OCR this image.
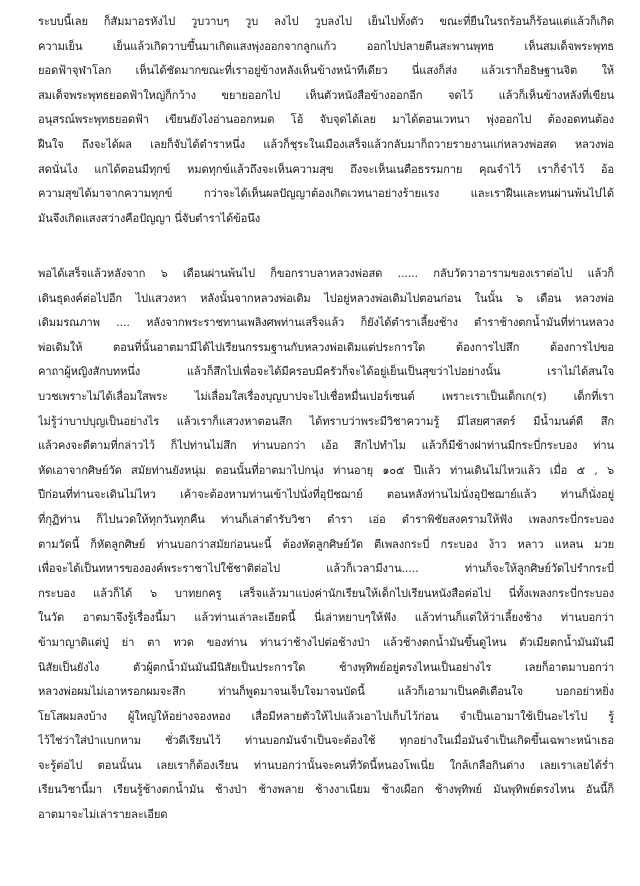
ระบบนี้เลย ก็สัมมาอรหังไป วูบวาบๆ วูบ ลงไป วูบลงไป เย็นไปทั้งตัว ขณะที่ยืนในรถร้อนก็ร้อนแต่แล้วก็เกิด
ความเย็น เย็นแล้วเกิดวาบขึ้นมาเกิดแสงพุ่งออกจากลูกแก้ว ออกไปปลายตีนสะพานพุทธ เห็นสมเด็จพระพุทธ
ยอดฟ้าจุฬาโลก เห็นได้ชัดมากขณะที่เราอยู่ข้างหลังเห็นข้างหน้าทีเดียว นี่แสงก็ส่ง แล้วเราก็อธิษฐานจิต ให้
สมเด็จพระพุทธยอดฟ้าใหญ่ก็กว้าง ขยายออกไป เห็นตัวหนังสือข้างออกอีก จดไว้ แล้วก็เห็นข้างหลังที่เขียน
อนุสรณ์พระพุทธยอดฟ้า เขียนยังไงอ่านออกหมด โอ้ จับจุดได้เลย มาได้ตอนเวทนา พุ่งออกไป ต้องอดทนต้อง
ฝืนใจ ถึงจะได้ผล เลยก็จับได้ตำราหนึ่ง แล้วก็ชุระในเมืองเสร็จแล้วกลับมาก็ถวายรายงานแก่หลวงพ่อสด หลวงพ่อ
สดนั่นไง แกได้ตอนมีทุกข์ หมดทุกข์แล้วถึงจะเห็นความสุข ถึงจะเห็นเนตือธรรมกาย คุณจำไว้ เราก็จำไว้ อ้อ
ความสุขได้มาจากความทุกข์ กว่าจะได้เห็นผลปัญญาต้องเกิดเวทนาอย่างร้ายแรง และเราฝืนและทนผ่านพ้นไปได้
มันจึงเกิดแสงสว่างคือปัญญา นี่จับตำราได้ข้อนึง
พอได้เสร็จแล้วหลังจาก ๖ เดือนผ่านพ้นไป ก็ขอกราบลาหลวงพ่อสด ...... กลับวัดวาอารามของเราต่อไป แล้วก็
เดินธุดงค์ต่อไปอีก ไปแสวงหา หลังนั้นจากหลวงพ่อเดิม ไปอยู่หลวงพ่อเดิมไปตอนก่อน ในนั้น ๖ เดือน หลวงพ่อ
เดิมมรณภาพ .... หลังจากพระราชทานเพลิงศพท่านเสร็จแล้ว ก็ยังได้ตำราเลี้ยงช้าง ตำราช้างตกน้ำมันที่ท่านหลวง
พ่อเดิมให้ ตอนที่นั้นอาตมามีได้ไปเรียนกรรมฐานกับหลวงพ่อเดิมแต่ประการใด ต้องการไปสึก ต้องการไปขอ
คาถาผู้หญิงสักบทหนึ่ง แล้วก็สึกไปเพื่อจะได้มีครอบมีครัวก็จะได้อยู่เย็นเป็นสุขว่าไปอย่างนั้น เราไม่ได้สนใจ
บวชเพราะไม่ได้เลื่อมใสพระ ไม่เลื่อมใสเรื่องบุญบาปจะไปเชื่อหมื่นเปอร์เซนต์ เพราะเราเป็นเด็กเก(ร) เด็กที่เรา
ไม่รู้ว่าบาปบุญเป็นอย่างไร แล้วเราก็แสวงหาตอนสึก ได้ทราบว่าพระมีวิชาความรู้ มีไสยศาสตร์ มีน้ำมนต์ดี สึก
แล้วคงจะดีตามที่กล่าวไว้ ก็ไปท่านไม่สึก ท่านบอกว่า เอ้อ สึกไปทำไม แล้วก็มีช้างฝาท่านมีกระบี่กระบอง ท่าน
หัดเอาจากศิษย์วัด สมัยท่านยังหนุ่ม ตอนนั้นที่อาตมาไปกนุ่ง ท่านอายุ ๑๐๕ ปีแล้ว ท่านเดินไม่ไหวแล้ว เมื่อ ๕ , ๖
ปีก่อนที่ท่านจะเดินไม่ไหว เค้าจะต้องหามท่านเข้าไปนั่งที่อุปัชฌาย์ ตอนหลังท่านไม่นั่งอุปัชฌาย์แล้ว ท่านก็นั่งอยู่
ที่กุฏิท่าน ก็ไปนวดให้ทุกวันทุกคืน ท่านก็เล่าตำรับวิชา ตำรา เอ่อ ตำราพิชัยสงครามให้ฟัง เพลงกระบี่กระบอง
ตามวัดนี้ ก็หัดลูกศิษย์ ท่านบอกว่าสมัยก่อนนะนี้ ต้องหัดลูกศิษย์วัด ตีเพลงกระบี่ กระบอง ง้าว หลาว แหลน มวย
เพื่อจะได้เป็นทหารขององค์พระราชาไปใช้ชาติต่อไป แล้วก็เวลามีงาน..... ท่านก็จะให้ลูกศิษย์วัดไปรำกระบี่
กระบอง แล้วก็ได้ ๖ บาทยกครู เสร็จแล้วมาแบ่งค่านักเรียนให้เด็กไปเรียนหนังสือต่อไป นี่ทั้งเพลงกระบี่กระบอง
ในวัด อาตมาจึงรู้เรื่องนี้มา แล้วท่านเล่าละเอียดนี้ นี่เล่าหยาบๆให้ฟัง แล้วท่านก็แต่ให้ว่าเลี้ยงช้าง ท่านบอกว่า
ข้ามาญาติแต่ปู่ ย่า ตา ทวด ของท่าน ท่านว่าช้างไปต่อช้างป่า แล้วช้างตกน้ำมันขึ้นดูไหน ตัวเมียตกน้ำมันมันมี
นิสัยเป็นยังไง ตัวผู้ตกน้ำมันมันมีนิสัยเป็นประการใด ช้างพุทิพย์อยู่ตรงไหนเป็นอย่างไร เลยก็อาตมาบอกว่า
หลวงพ่อผมไม่เอาหรอกผมจะสึก ท่านก็พูดมาจนเจ็บใจมาจนบัดนี้ แล้วก็เอามาเป็นคติเตือนใจ บอกอย่าหยิ่ง
โยโสผมลงบ้าง ผู้ใหญ่ให้อย่างจองหอง เสื่อมีหลายตัวให้ไปแล้วเอาไปเก็บไว้ก่อน จำเป็นเอามาใช้เป็นอะไรไป รู้
ไว้ใช่ว่าใส่ป่าแบกหาม ชั่วดีเรียนไว้ ท่านบอกมันจำเป็นจะต้องใช้ ทุกอย่างในเมื่อมันจำเป็นเกิดขึ้นเฉพาะหน้าเธอ
จะรู้ต่อไป ตอนนั้นน เลยเราก็ต้องเรียน ท่านบอกว่านั้นจะคนที่วัดนี้หนองโพเนี่ย ใกล้เกลือกินด่าง เลยเราเลยได้ร่ำ
เรียนวิชานี้มา เรียนรู้ช้างตกน้ำมัน ช้างป่า ช้างพลาย ช้างงาเนียม ช้างเผือก ช้างพุทิพย์ มันพุทิพย์ตรงไหน อันนี้ก็
อาตมาจะไม่เล่ารายละเอียด
